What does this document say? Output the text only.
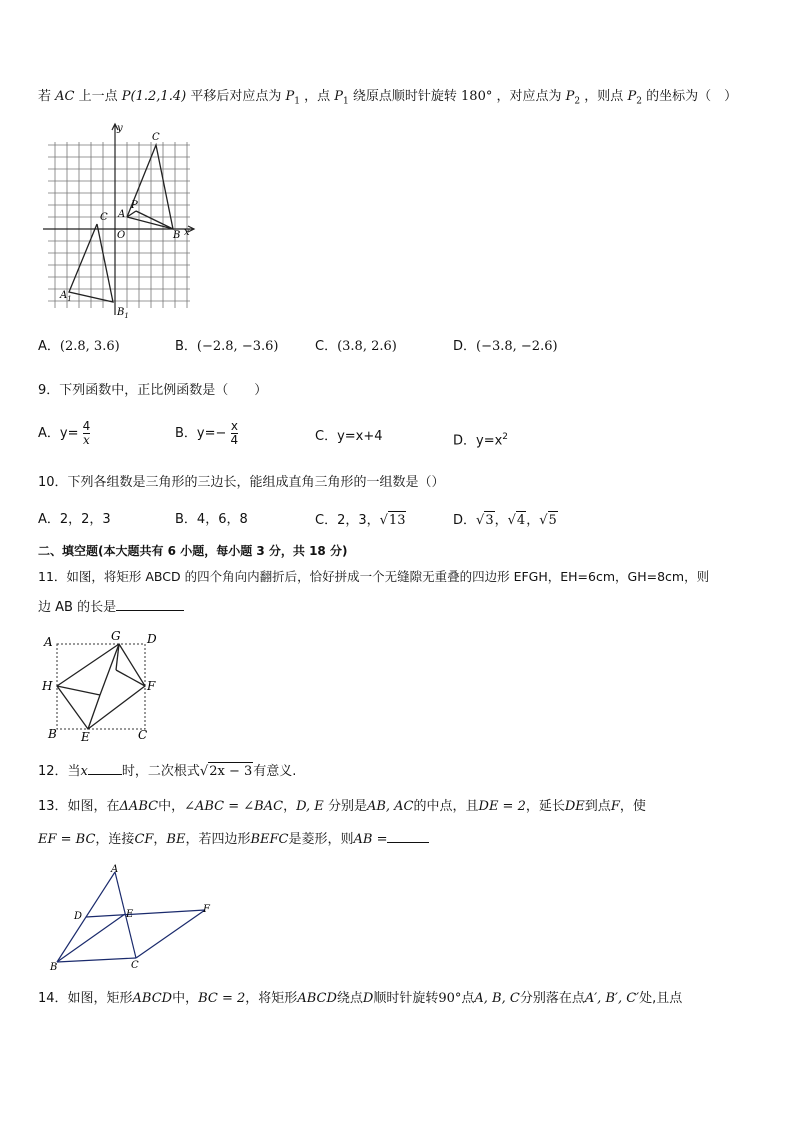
若 AC 上一点 P(1.2,1.4) 平移后对应点为 $P_1$ ，点 $P_1$ 绕原点顺时针旋转 180° ，对应点为 $P_2$ ，则点 $P_2$ 的坐标为（　）
y
x
O
C A
P
B
C
$A_1$
$B_1$
A．(2.8, 3.6)	B．(−2.8, −3.6)	C．(3.8, 2.6)	D．(−3.8, −2.6)
9．下列函数中，正比例函数是（　　）
A．$y= \frac{4}{x}$	B．$y=- \frac{x}{4}$	C．y=x+4	D．$y=x^2$
10．下列各组数是三角形的三边长，能组成直角三角形的一组数是（）
A．2，2，3	B．4，6，8	C．2，3，√13	D．√3，√4，√5
二、填空题(本大题共有 6 小题，每小题 3 分，共 18 分)
11．如图，将矩形 ABCD 的四个角向内翻折后，恰好拼成一个无缝隙无重叠的四边形 EFGH，EH=6cm，GH=8cm，则
边 AB 的长是
A	G D
H	F
B E	C
12．当x	时，二次根式√2x − 3有意义.
13．如图，在ΔABC中，∠ABC = ∠BAC，D, E 分别是AB, AC的中点，且DE = 2，延长DE到点F，使
EF = BC，连接CF，BE，若四边形BEFC是菱形，则AB =
A
D	E	F
B	C
14．如图，矩形ABCD中，BC = 2，将矩形ABCD绕点D顺时针旋转90°点A, B, C分别落在点A′, B′, C′处,且点
